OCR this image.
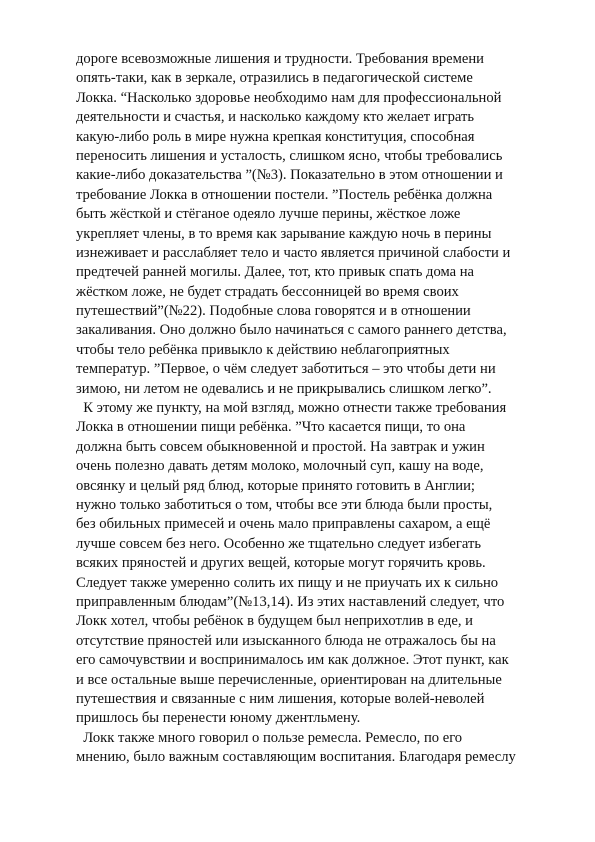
дороге всевозможные лишения и трудности. Требования времени
опять-таки, как в зеркале, отразились в педагогической системе
Локка. “Насколько здоровье необходимо нам для профессиональной
деятельности и счастья, и насколько каждому кто желает играть
какую-либо роль в мире нужна крепкая конституция, способная
переносить лишения и усталость, слишком ясно, чтобы требовались
какие-либо доказательства ”(№3). Показательно в этом отношении и
требование Локка в отношении постели. ”Постель ребёнка должна
быть жёсткой и стёганое одеяло лучше перины, жёсткое ложе
укрепляет члены, в то время как зарывание каждую ночь в перины
изнеживает и расслабляет тело и часто является причиной слабости и
предтечей ранней могилы. Далее, тот, кто привык спать дома на
жёстком ложе, не будет страдать бессонницей во время своих
путешествий”(№22). Подобные слова говорятся и в отношении
закаливания. Оно должно было начинаться с самого раннего детства,
чтобы тело ребёнка привыкло к действию неблагоприятных
температур. ”Первое, о чём следует заботиться – это чтобы дети ни
зимою, ни летом не одевались и не прикрывались слишком легко”.
К этому же пункту, на мой взгляд, можно отнести также требования
Локка в отношении пищи ребёнка. ”Что касается пищи, то она
должна быть совсем обыкновенной и простой. На завтрак и ужин
очень полезно давать детям молоко, молочный суп, кашу на воде,
овсянку и целый ряд блюд, которые принято готовить в Англии;
нужно только заботиться о том, чтобы все эти блюда были просты,
без обильных примесей и очень мало приправлены сахаром, а ещё
лучше совсем без него. Особенно же тщательно следует избегать
всяких пряностей и других вещей, которые могут горячить кровь.
Следует также умеренно солить их пищу и не приучать их к сильно
приправленным блюдам”(№13,14). Из этих наставлений следует, что
Локк хотел, чтобы ребёнок в будущем был неприхотлив в еде, и
отсутствие пряностей или изысканного блюда не отражалось бы на
его самочувствии и воспринималось им как должное. Этот пункт, как
и все остальные выше перечисленные, ориентирован на длительные
путешествия и связанные с ним лишения, которые волей-неволей
пришлось бы перенести юному джентльмену.
Локк также много говорил о пользе ремесла. Ремесло, по его
мнению, было важным составляющим воспитания. Благодаря ремеслу
